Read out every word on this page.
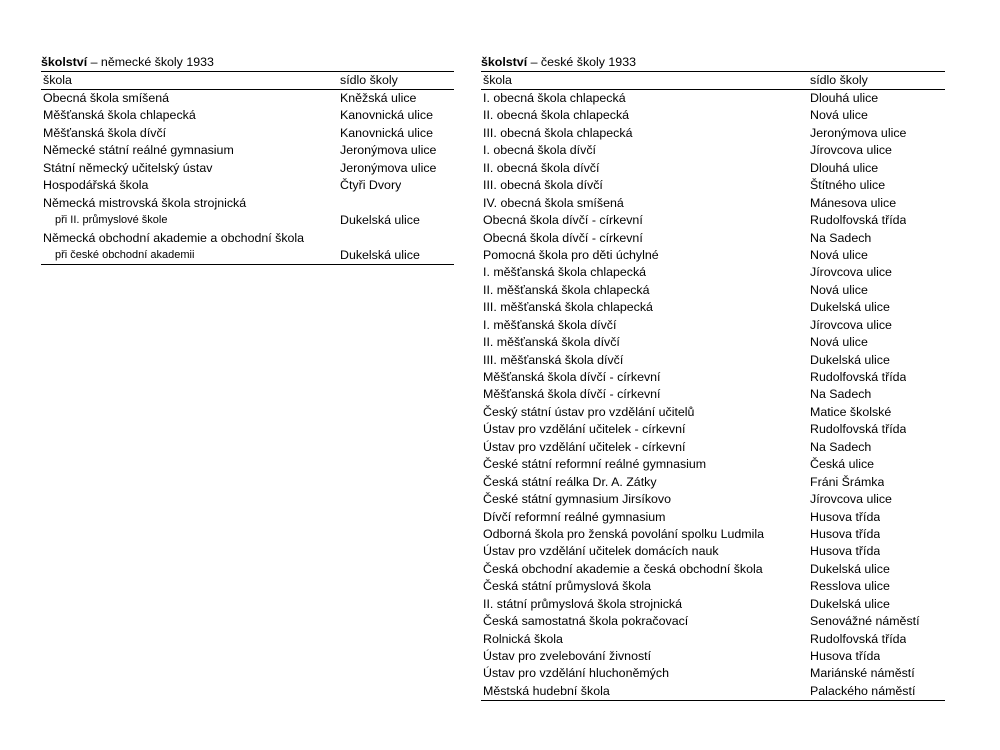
školství – německé školy 1933
škola	sídlo školy
Obecná škola smíšená	Kněžská ulice
Měšťanská škola chlapecká	Kanovnická ulice
Měšťanská škola dívčí	Kanovnická ulice
Německé státní reálné gymnasium	Jeronýmova ulice
Státní německý učitelský ústav	Jeronýmova ulice
Hospodářská škola	Čtyři Dvory
Německá mistrovská škola strojnická
při II. průmyslové škole	Dukelská ulice
Německá obchodní akademie a obchodní škola
při české obchodní akademii	Dukelská ulice
školství – české školy 1933
škola	sídlo školy
I. obecná škola chlapecká	Dlouhá ulice
II. obecná škola chlapecká	Nová ulice
III. obecná škola chlapecká	Jeronýmova ulice
I. obecná škola dívčí	Jírovcova ulice
II. obecná škola dívčí	Dlouhá ulice
III. obecná škola dívčí	Štítného ulice
IV. obecná škola smíšená	Mánesova ulice
Obecná škola dívčí - církevní	Rudolfovská třída
Obecná škola dívčí - církevní	Na Sadech
Pomocná škola pro děti úchylné	Nová ulice
I. měšťanská škola chlapecká	Jírovcova ulice
II. měšťanská škola chlapecká	Nová ulice
III. měšťanská škola chlapecká	Dukelská ulice
I. měšťanská škola dívčí	Jírovcova ulice
II. měšťanská škola dívčí	Nová ulice
III. měšťanská škola dívčí	Dukelská ulice
Měšťanská škola dívčí - církevní	Rudolfovská třída
Měšťanská škola dívčí - církevní	Na Sadech
Český státní ústav pro vzdělání učitelů	Matice školské
Ústav pro vzdělání učitelek - církevní	Rudolfovská třída
Ústav pro vzdělání učitelek - církevní	Na Sadech
České státní reformní reálné gymnasium	Česká ulice
Česká státní reálka Dr. A. Zátky	Fráni Šrámka
České státní gymnasium Jirsíkovo	Jírovcova ulice
Dívčí reformní reálné gymnasium	Husova třída
Odborná škola pro ženská povolání spolku Ludmila	Husova třída
Ústav pro vzdělání učitelek domácích nauk	Husova třída
Česká obchodní akademie a česká obchodní škola	Dukelská ulice
Česká státní průmyslová škola	Resslova ulice
II. státní průmyslová škola strojnická	Dukelská ulice
Česká samostatná škola pokračovací	Senovážné náměstí
Rolnická škola	Rudolfovská třída
Ústav pro zvelebování živností	Husova třída
Ústav pro vzdělání hluchoněmých	Mariánské náměstí
Městská hudební škola	Palackého náměstí
